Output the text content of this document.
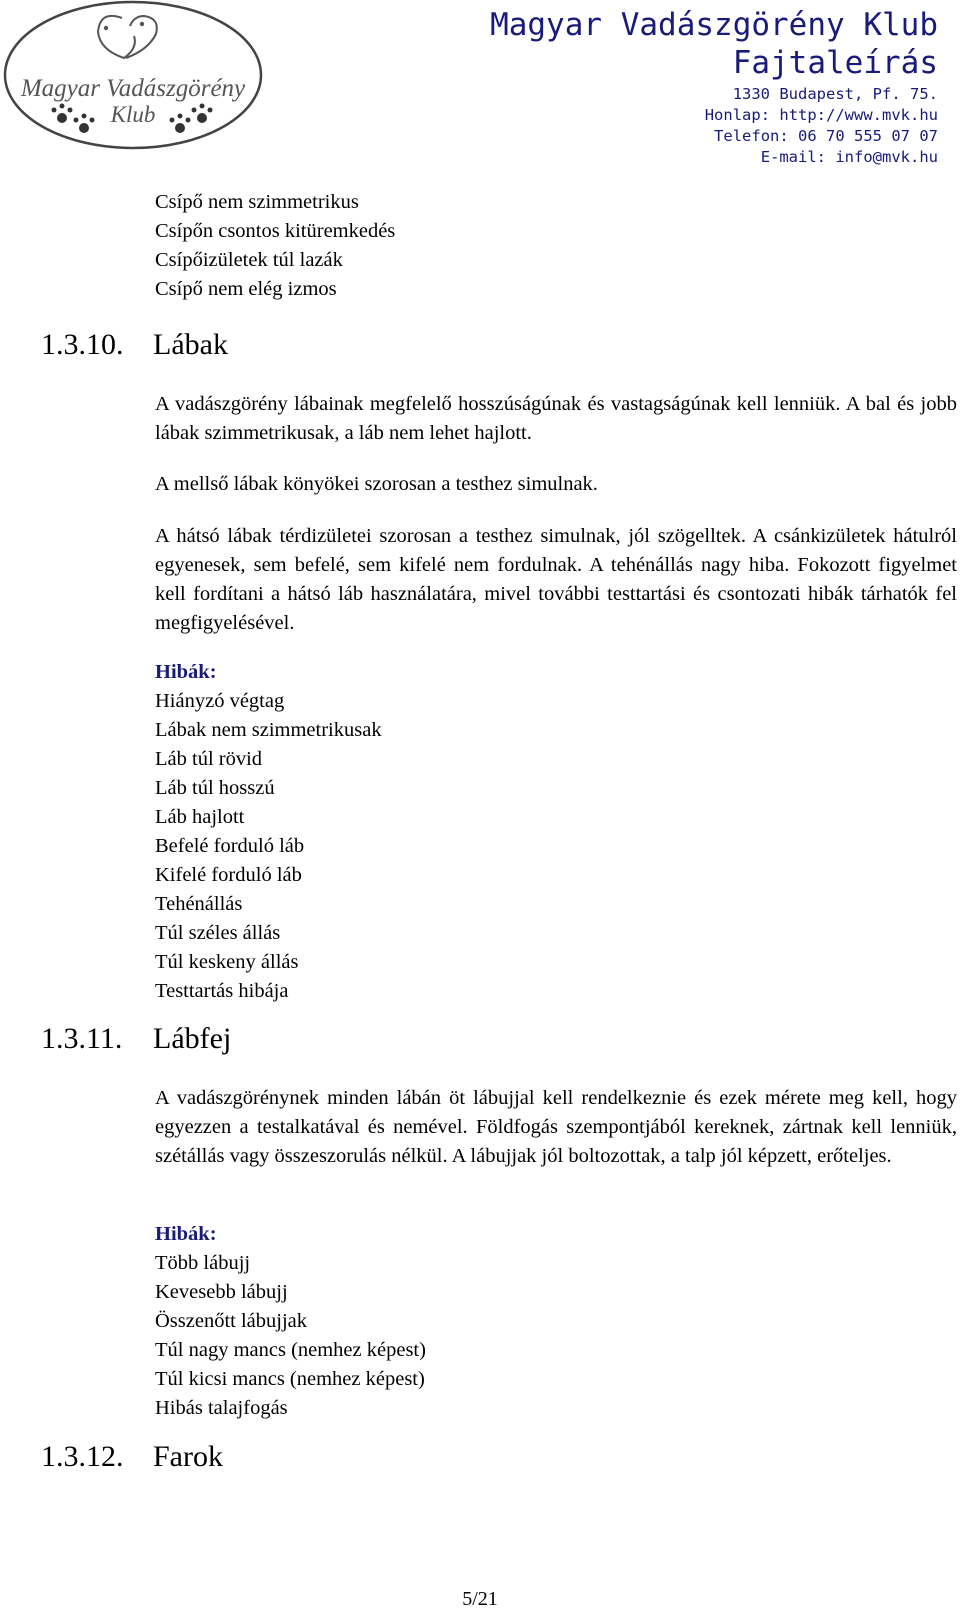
Magyar Vadászgörény
Klub
Magyar Vadászgörény Klub
Fajtaleírás
1330 Budapest, Pf. 75.
Honlap: http://www.mvk.hu
Telefon: 06 70 555 07 07
E-mail: info@mvk.hu
Csípő nem szimmetrikus
Csípőn csontos kitüremkedés
Csípőizületek túl lazák
Csípő nem elég izmos
1.3.10. Lábak

A vadászgörény lábainak megfelelő hosszúságúnak és vastagságúnak kell lenniük. A bal és jobb lábak szimmetrikusak, a láb nem lehet hajlott.

A mellső lábak könyökei szorosan a testhez simulnak.

A hátsó lábak térdizületei szorosan a testhez simulnak, jól szögelltek. A csánkizületek hátulról egyenesek, sem befelé, sem kifelé nem fordulnak. A tehénállás nagy hiba. Fokozott figyelmet kell fordítani a hátsó láb használatára, mivel további testtartási és csontozati hibák tárhatók fel megfigyelésével.

Hibák:
Hiányzó végtag
Lábak nem szimmetrikusak
Láb túl rövid
Láb túl hosszú
Láb hajlott
Befelé forduló láb
Kifelé forduló láb
Tehénállás
Túl széles állás
Túl keskeny állás
Testtartás hibája
1.3.11. Lábfej

A vadászgörénynek minden lábán öt lábujjal kell rendelkeznie és ezek mérete meg kell, hogy egyezzen a testalkatával és nemével. Földfogás szempontjából kereknek, zártnak kell lenniük, szétállás vagy összeszorulás nélkül. A lábujjak jól boltozottak, a talp jól képzett, erőteljes.

Hibák:
Több lábujj
Kevesebb lábujj
Összenőtt lábujjak
Túl nagy mancs (nemhez képest)
Túl kicsi mancs (nemhez képest)
Hibás talajfogás
1.3.12. Farok
5/21
